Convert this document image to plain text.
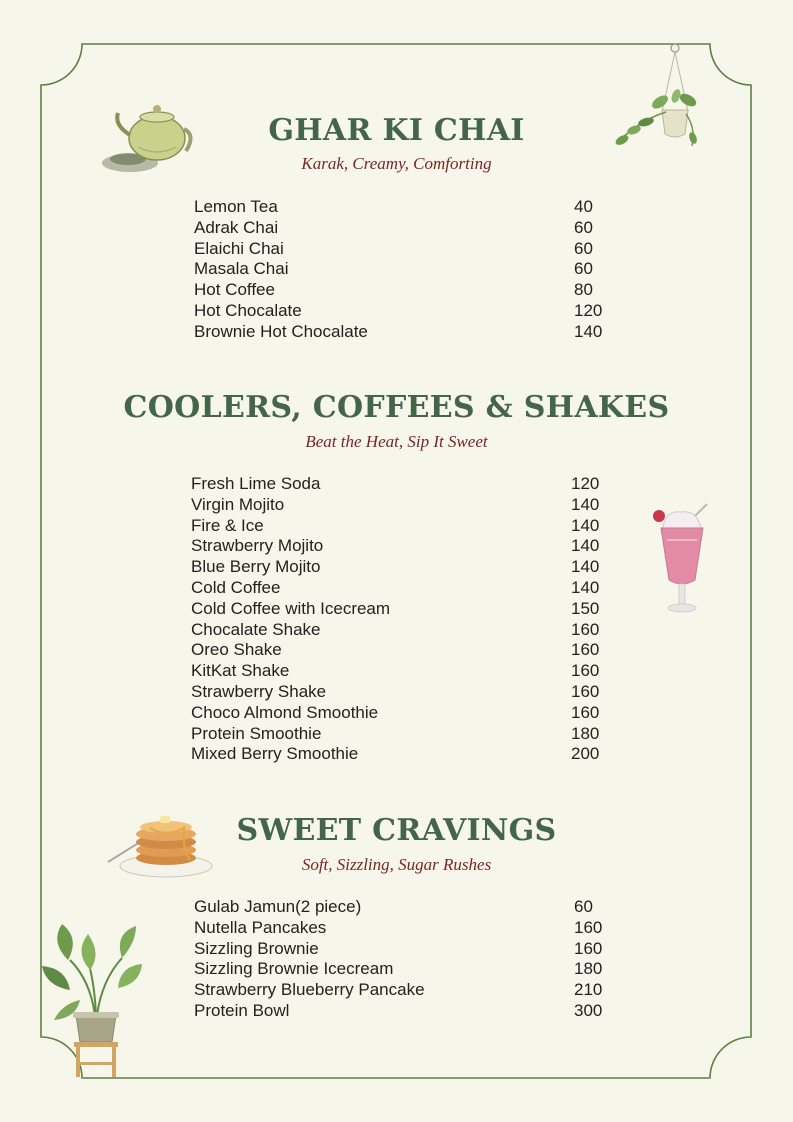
GHAR KI CHAI
Karak, Creamy, Comforting
Lemon Tea	40
Adrak Chai	60
Elaichi Chai	60
Masala Chai	60
Hot Coffee	80
Hot Chocalate	120
Brownie Hot Chocalate	140
COOLERS, COFFEES & SHAKES
Beat the Heat, Sip It Sweet
Fresh Lime Soda	120
Virgin Mojito	140
Fire & Ice	140
Strawberry Mojito	140
Blue Berry Mojito	140
Cold Coffee	140
Cold Coffee with Icecream	150
Chocalate Shake	160
Oreo Shake	160
KitKat Shake	160
Strawberry Shake	160
Choco Almond Smoothie	160
Protein Smoothie	180
Mixed Berry Smoothie	200
SWEET CRAVINGS
Soft, Sizzling, Sugar Rushes
Gulab Jamun(2 piece)	60
Nutella Pancakes	160
Sizzling Brownie	160
Sizzling Brownie Icecream	180
Strawberry Blueberry Pancake	210
Protein Bowl	300
